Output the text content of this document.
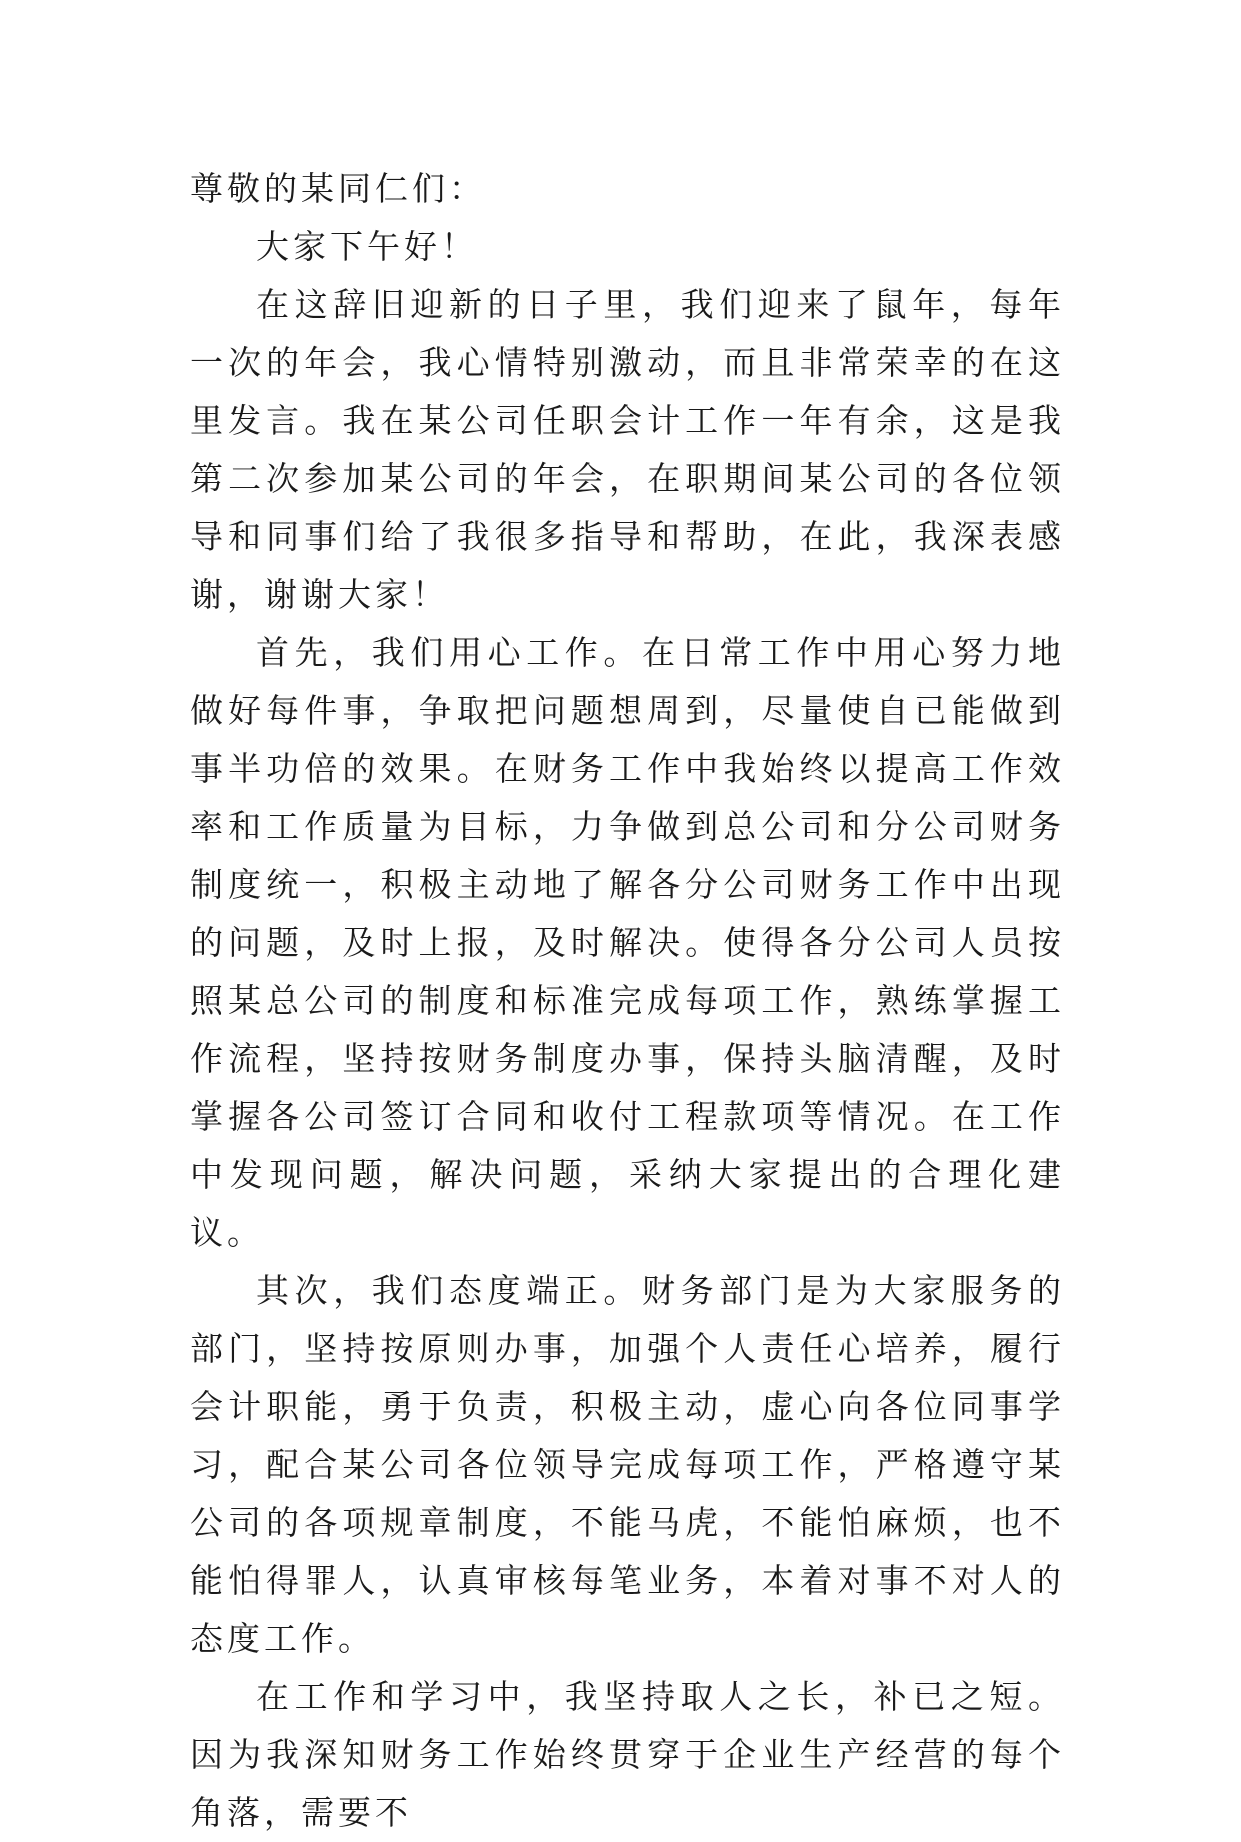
尊敬的某同仁们：

大家下午好！

在这辞旧迎新的日子里，我们迎来了鼠年，每年一次的年会，我心情特别激动，而且非常荣幸的在这里发言。我在某公司任职会计工作一年有余，这是我第二次参加某公司的年会，在职期间某公司的各位领导和同事们给了我很多指导和帮助，在此，我深表感谢，谢谢大家！

首先，我们用心工作。在日常工作中用心努力地做好每件事，争取把问题想周到，尽量使自已能做到事半功倍的效果。在财务工作中我始终以提高工作效率和工作质量为目标，力争做到总公司和分公司财务制度统一，积极主动地了解各分公司财务工作中出现的问题，及时上报，及时解决。使得各分公司人员按照某总公司的制度和标准完成每项工作，熟练掌握工作流程，坚持按财务制度办事，保持头脑清醒，及时掌握各公司签订合同和收付工程款项等情况。在工作中发现问题，解决问题，采纳大家提出的合理化建议。

其次，我们态度端正。财务部门是为大家服务的部门，坚持按原则办事，加强个人责任心培养，履行会计职能，勇于负责，积极主动，虚心向各位同事学习，配合某公司各位领导完成每项工作，严格遵守某公司的各项规章制度，不能马虎，不能怕麻烦，也不能怕得罪人，认真审核每笔业务，本着对事不对人的态度工作。

在工作和学习中，我坚持取人之长，补已之短。因为我深知财务工作始终贯穿于企业生产经营的每个角落，需要不
